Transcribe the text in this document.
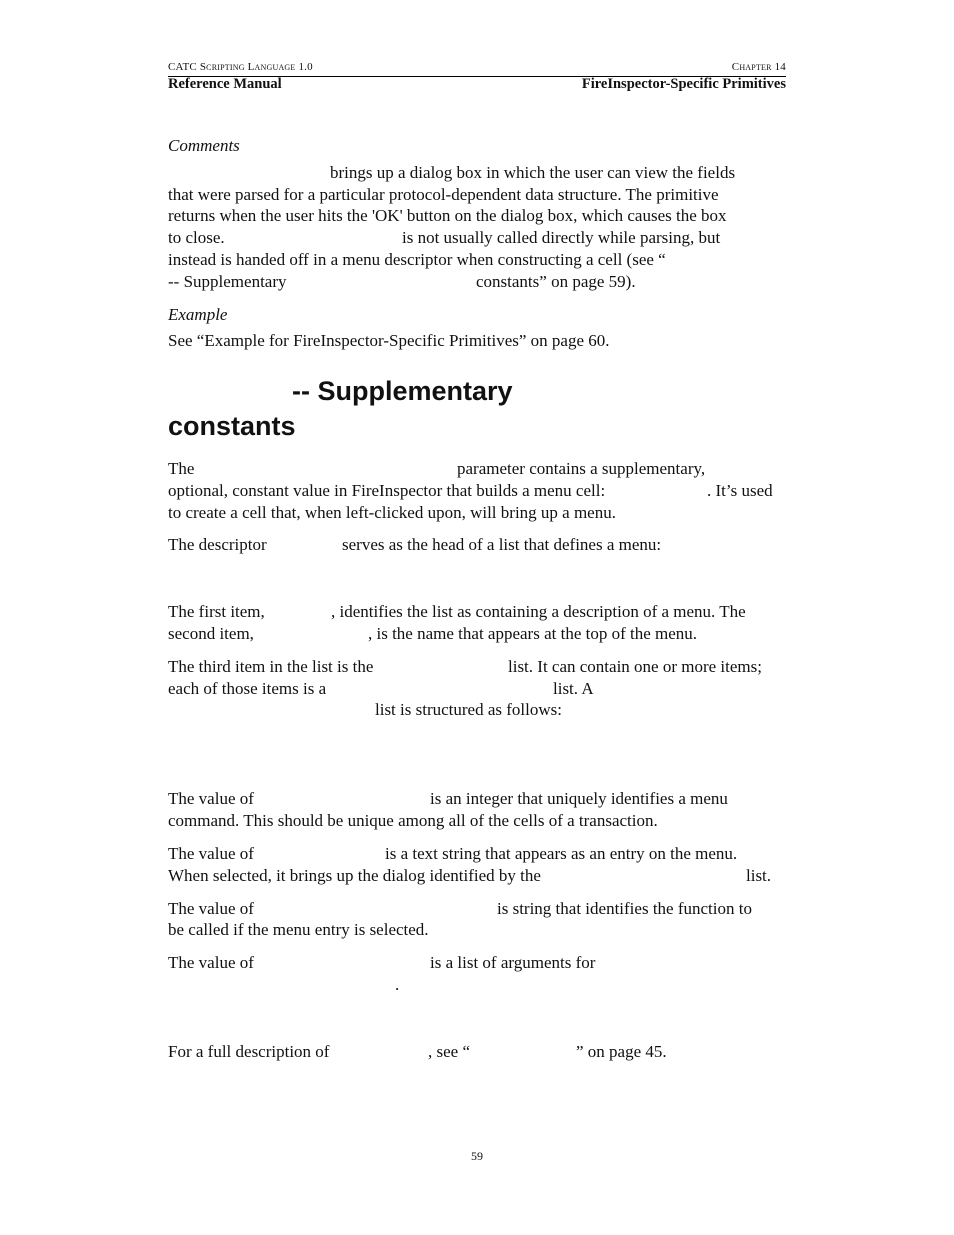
CATC Scripting Language 1.0	Chapter 14
Reference Manual	FireInspector-Specific Primitives
Comments
brings up a dialog box in which the user can view the fields
that were parsed for a particular protocol-dependent data structure. The primitive
returns when the user hits the 'OK' button on the dialog box, which causes the box
to close.	is not usually called directly while parsing, but
instead is handed off in a menu descriptor when constructing a cell (see “
-- Supplementary	constants” on page 59).
Example
See “Example for FireInspector-Specific Primitives” on page 60.
-- Supplementary
constants
The	parameter contains a supplementary,
optional, constant value in FireInspector that builds a menu cell:	. It’s used
to create a cell that, when left-clicked upon, will bring up a menu.
The descriptor	serves as the head of a list that defines a menu:
The first item,	, identifies the list as containing a description of a menu. The
second item,	, is the name that appears at the top of the menu.
The third item in the list is the	list. It can contain one or more items;
each of those items is a	list. A
list is structured as follows:
The value of	is an integer that uniquely identifies a menu
command. This should be unique among all of the cells of a transaction.
The value of	is a text string that appears as an entry on the menu.
When selected, it brings up the dialog identified by the	list.
The value of	is string that identifies the function to
be called if the menu entry is selected.
The value of	is a list of arguments for
.
For a full description of	, see “	” on page 45.
59
